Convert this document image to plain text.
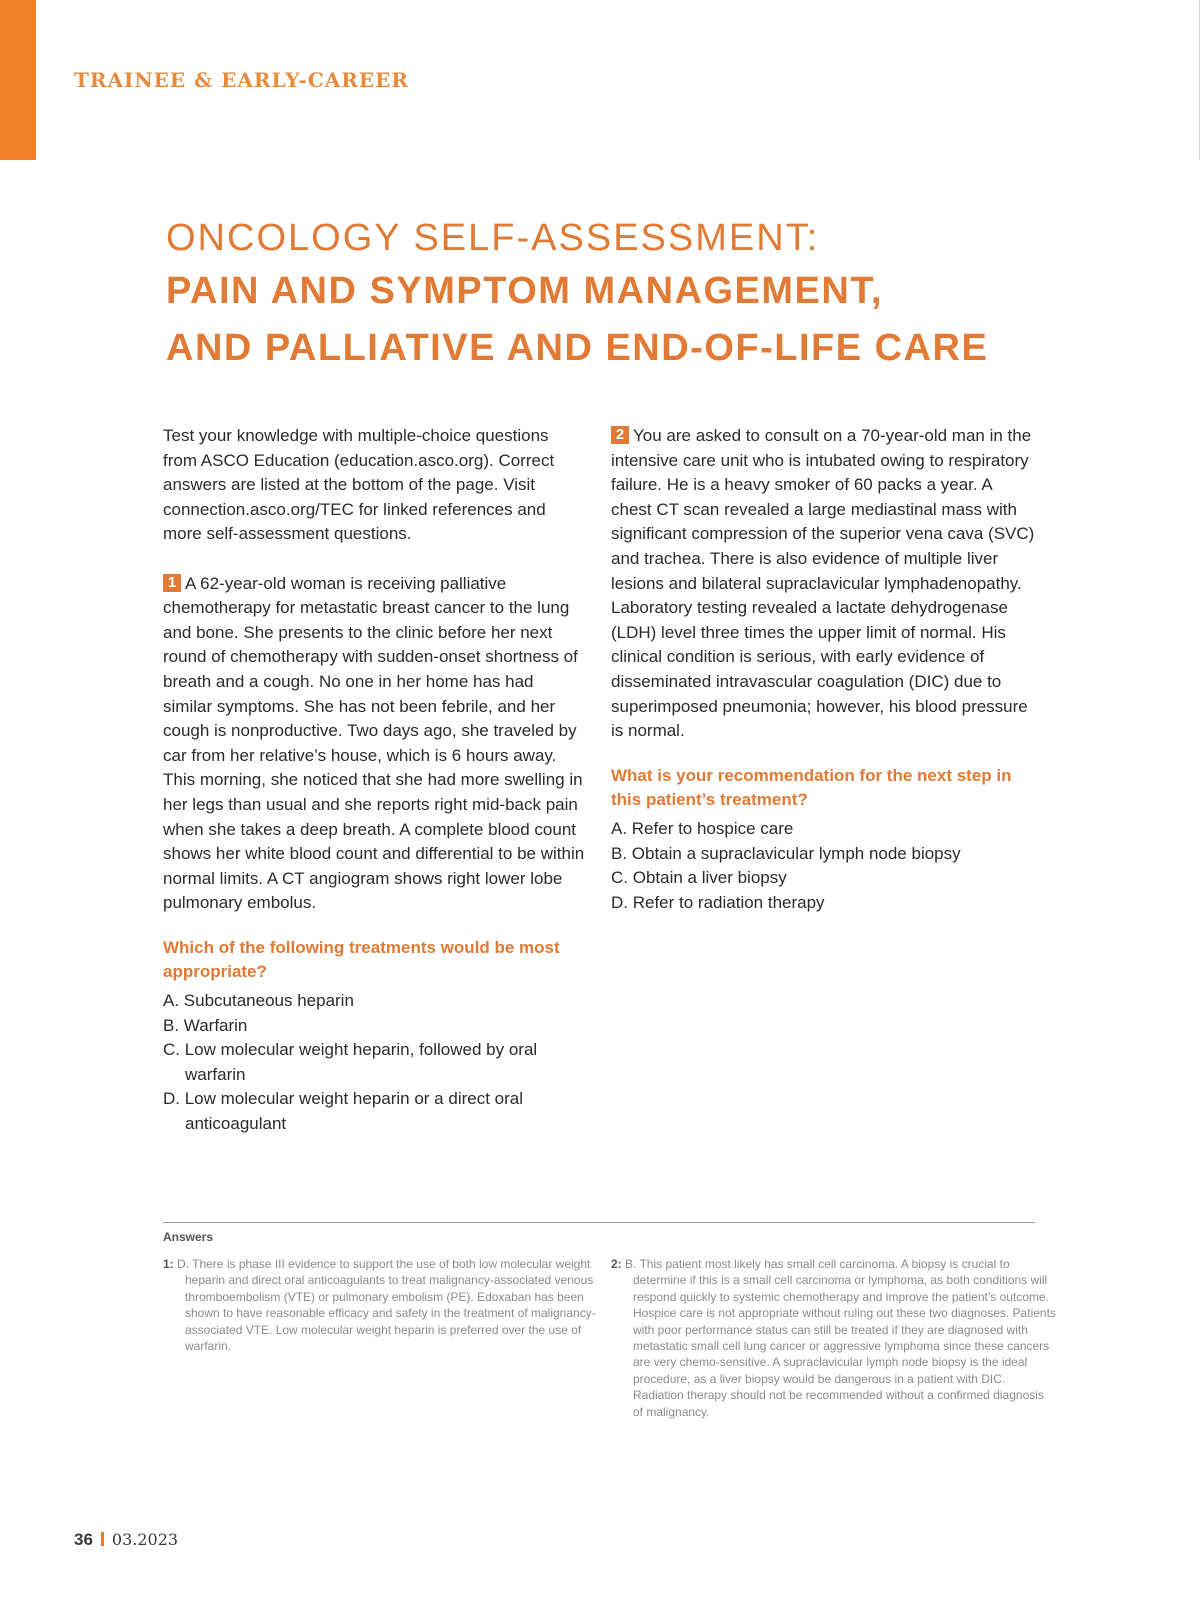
TRAINEE & EARLY-CAREER

ONCOLOGY SELF-ASSESSMENT:
PAIN AND SYMPTOM MANAGEMENT,
AND PALLIATIVE AND END-OF-LIFE CARE

Test your knowledge with multiple-choice questions from ASCO Education (education.asco.org). Correct answers are listed at the bottom of the page. Visit connection.asco.org/TEC for linked references and more self-assessment questions.

1 A 62-year-old woman is receiving palliative chemotherapy for metastatic breast cancer to the lung and bone. She presents to the clinic before her next round of chemotherapy with sudden-onset shortness of breath and a cough. No one in her home has had similar symptoms. She has not been febrile, and her cough is nonproductive. Two days ago, she traveled by car from her relative’s house, which is 6 hours away. This morning, she noticed that she had more swelling in her legs than usual and she reports right mid-back pain when she takes a deep breath. A complete blood count shows her white blood count and differential to be within normal limits. A CT angiogram shows right lower lobe pulmonary embolus.

Which of the following treatments would be most appropriate?

A. Subcutaneous heparin
B. Warfarin
C. Low molecular weight heparin, followed by oral warfarin
D. Low molecular weight heparin or a direct oral anticoagulant

2 You are asked to consult on a 70-year-old man in the intensive care unit who is intubated owing to respiratory failure. He is a heavy smoker of 60 packs a year. A chest CT scan revealed a large mediastinal mass with significant compression of the superior vena cava (SVC) and trachea. There is also evidence of multiple liver lesions and bilateral supraclavicular lymphadenopathy. Laboratory testing revealed a lactate dehydrogenase (LDH) level three times the upper limit of normal. His clinical condition is serious, with early evidence of disseminated intravascular coagulation (DIC) due to superimposed pneumonia; however, his blood pressure is normal.

What is your recommendation for the next step in this patient’s treatment?

A. Refer to hospice care
B. Obtain a supraclavicular lymph node biopsy
C. Obtain a liver biopsy
D. Refer to radiation therapy

Answers

1: D. There is phase III evidence to support the use of both low molecular weight heparin and direct oral anticoagulants to treat malignancy-associated venous thromboembolism (VTE) or pulmonary embolism (PE). Edoxaban has been shown to have reasonable efficacy and safety in the treatment of malignancy-associated VTE. Low molecular weight heparin is preferred over the use of warfarin.

2: B. This patient most likely has small cell carcinoma. A biopsy is crucial to determine if this is a small cell carcinoma or lymphoma, as both conditions will respond quickly to systemic chemotherapy and improve the patient’s outcome. Hospice care is not appropriate without ruling out these two diagnoses. Patients with poor performance status can still be treated if they are diagnosed with metastatic small cell lung cancer or aggressive lymphoma since these cancers are very chemo-sensitive. A supraclavicular lymph node biopsy is the ideal procedure, as a liver biopsy would be dangerous in a patient with DIC. Radiation therapy should not be recommended without a confirmed diagnosis of malignancy.

36 03.2023
